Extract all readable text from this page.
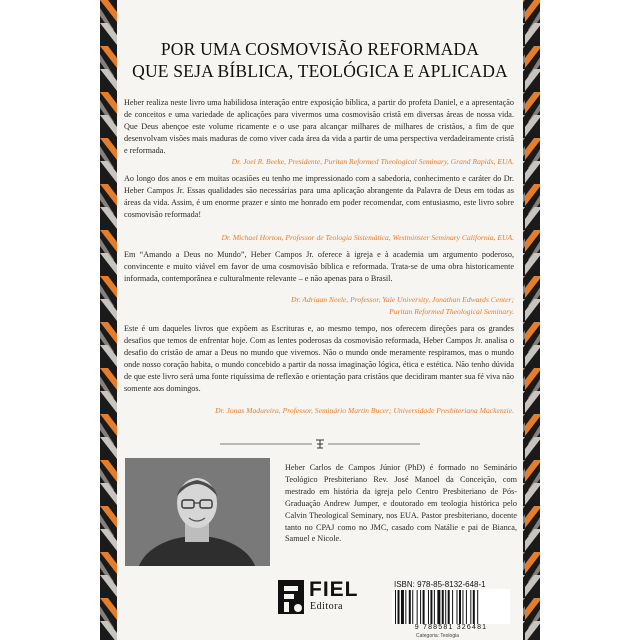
POR UMA COSMOVISÃO REFORMADA
QUE SEJA BÍBLICA, TEOLÓGICA E APLICADA

Heber realiza neste livro uma habilidosa interação entre exposição bíblica, a partir do profeta Daniel, e a apresentação de conceitos e uma variedade de aplicações para vivermos uma cosmovisão cristã em diversas áreas de nossa vida. Que Deus abençoe este volume ricamente e o use para alcançar milhares de milhares de cristãos, a fim de que desenvolvam visões mais maduras de como viver cada área da vida a partir de uma perspectiva verdadeiramente cristã e reformada.

Dr. Joel R. Beeke, Presidente, Puritan Reformed Theological Seminary, Grand Rapids, EUA.

Ao longo dos anos e em muitas ocasiões eu tenho me impressionado com a sabedoria, conhecimento e caráter do Dr. Heber Campos Jr. Essas qualidades são necessárias para uma aplicação abrangente da Palavra de Deus em todas as áreas da vida. Assim, é um enorme prazer e sinto me honrado em poder recomendar, com entusiasmo, este livro sobre cosmovisão reformada!

Dr. Michael Horton, Professor de Teologia Sistemática, Westminster Seminary California, EUA.

Em “Amando a Deus no Mundo”, Heber Campos Jr. oferece à igreja e à academia um argumento poderoso, convincente e muito viável em favor de uma cosmovisão bíblica e reformada. Trata-se de uma obra historicamente informada, contemporânea e culturalmente relevante – e não apenas para o Brasil.

Dr. Adriaan Neele, Professor, Yale University, Jonathan Edwards Center;
Puritan Reformed Theological Seminary.

Este é um daqueles livros que expõem as Escrituras e, ao mesmo tempo, nos oferecem direções para os grandes desafios que temos de enfrentar hoje. Com as lentes poderosas da cosmovisão reformada, Heber Campos Jr. analisa o desafio do cristão de amar a Deus no mundo que vivemos. Não o mundo onde meramente respiramos, mas o mundo onde nosso coração habita, o mundo concebido a partir da nossa imaginação lógica, ética e estética. Não tenho dúvida de que este livro será uma fonte riquíssima de reflexão e orientação para cristãos que decidiram manter sua fé viva não somente aos domingos.

Dr. Jonas Madureira, Professor, Seminário Martin Bucer; Universidade Presbiteriana Mackenzie.
Heber Carlos de Campos Júnior (PhD) é formado no Seminário Teológico Presbiteriano Rev. José Manoel da Conceição, com mestrado em história da igreja pelo Centro Presbiteriano de Pós-Graduação Andrew Jumper, e doutorado em teologia histórica pelo Calvin Theological Seminary, nos EUA. Pastor presbiteriano, docente tanto no CPAJ como no JMC, casado com Natálie e pai de Bianca, Samuel e Nicole.
FIEL
Editora
ISBN: 978-85-8132-648-1
9 788581 326481
Categoria: Teologia
